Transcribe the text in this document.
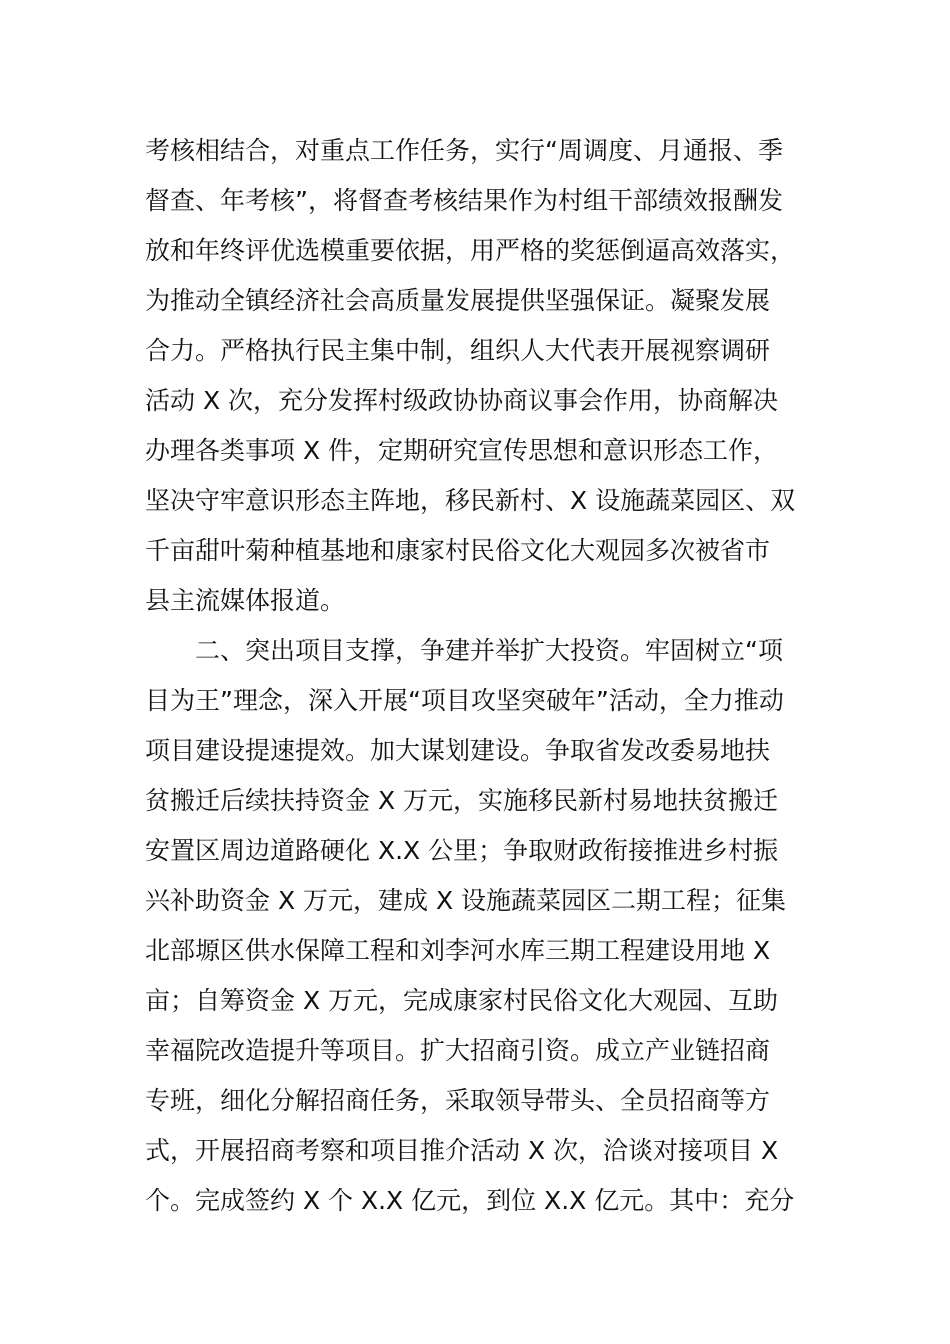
考核相结合，对重点工作任务，实行“周调度、月通报、季
督查、年考核”，将督查考核结果作为村组干部绩效报酬发
放和年终评优选模重要依据，用严格的奖惩倒逼高效落实，
为推动全镇经济社会高质量发展提供坚强保证。凝聚发展
合力。严格执行民主集中制，组织人大代表开展视察调研
活动 X 次，充分发挥村级政协协商议事会作用，协商解决
办理各类事项 X 件，定期研究宣传思想和意识形态工作，
坚决守牢意识形态主阵地，移民新村、X 设施蔬菜园区、双
千亩甜叶菊种植基地和康家村民俗文化大观园多次被省市
县主流媒体报道。
二、突出项目支撑，争建并举扩大投资。牢固树立“项
目为王”理念，深入开展“项目攻坚突破年”活动，全力推动
项目建设提速提效。加大谋划建设。争取省发改委易地扶
贫搬迁后续扶持资金 X 万元，实施移民新村易地扶贫搬迁
安置区周边道路硬化 X.X 公里；争取财政衔接推进乡村振
兴补助资金 X 万元，建成 X 设施蔬菜园区二期工程；征集
北部塬区供水保障工程和刘李河水库三期工程建设用地 X
亩；自筹资金 X 万元，完成康家村民俗文化大观园、互助
幸福院改造提升等项目。扩大招商引资。成立产业链招商
专班，细化分解招商任务，采取领导带头、全员招商等方
式，开展招商考察和项目推介活动 X 次，洽谈对接项目 X
个。完成签约 X 个 X.X 亿元，到位 X.X 亿元。其中：充分
